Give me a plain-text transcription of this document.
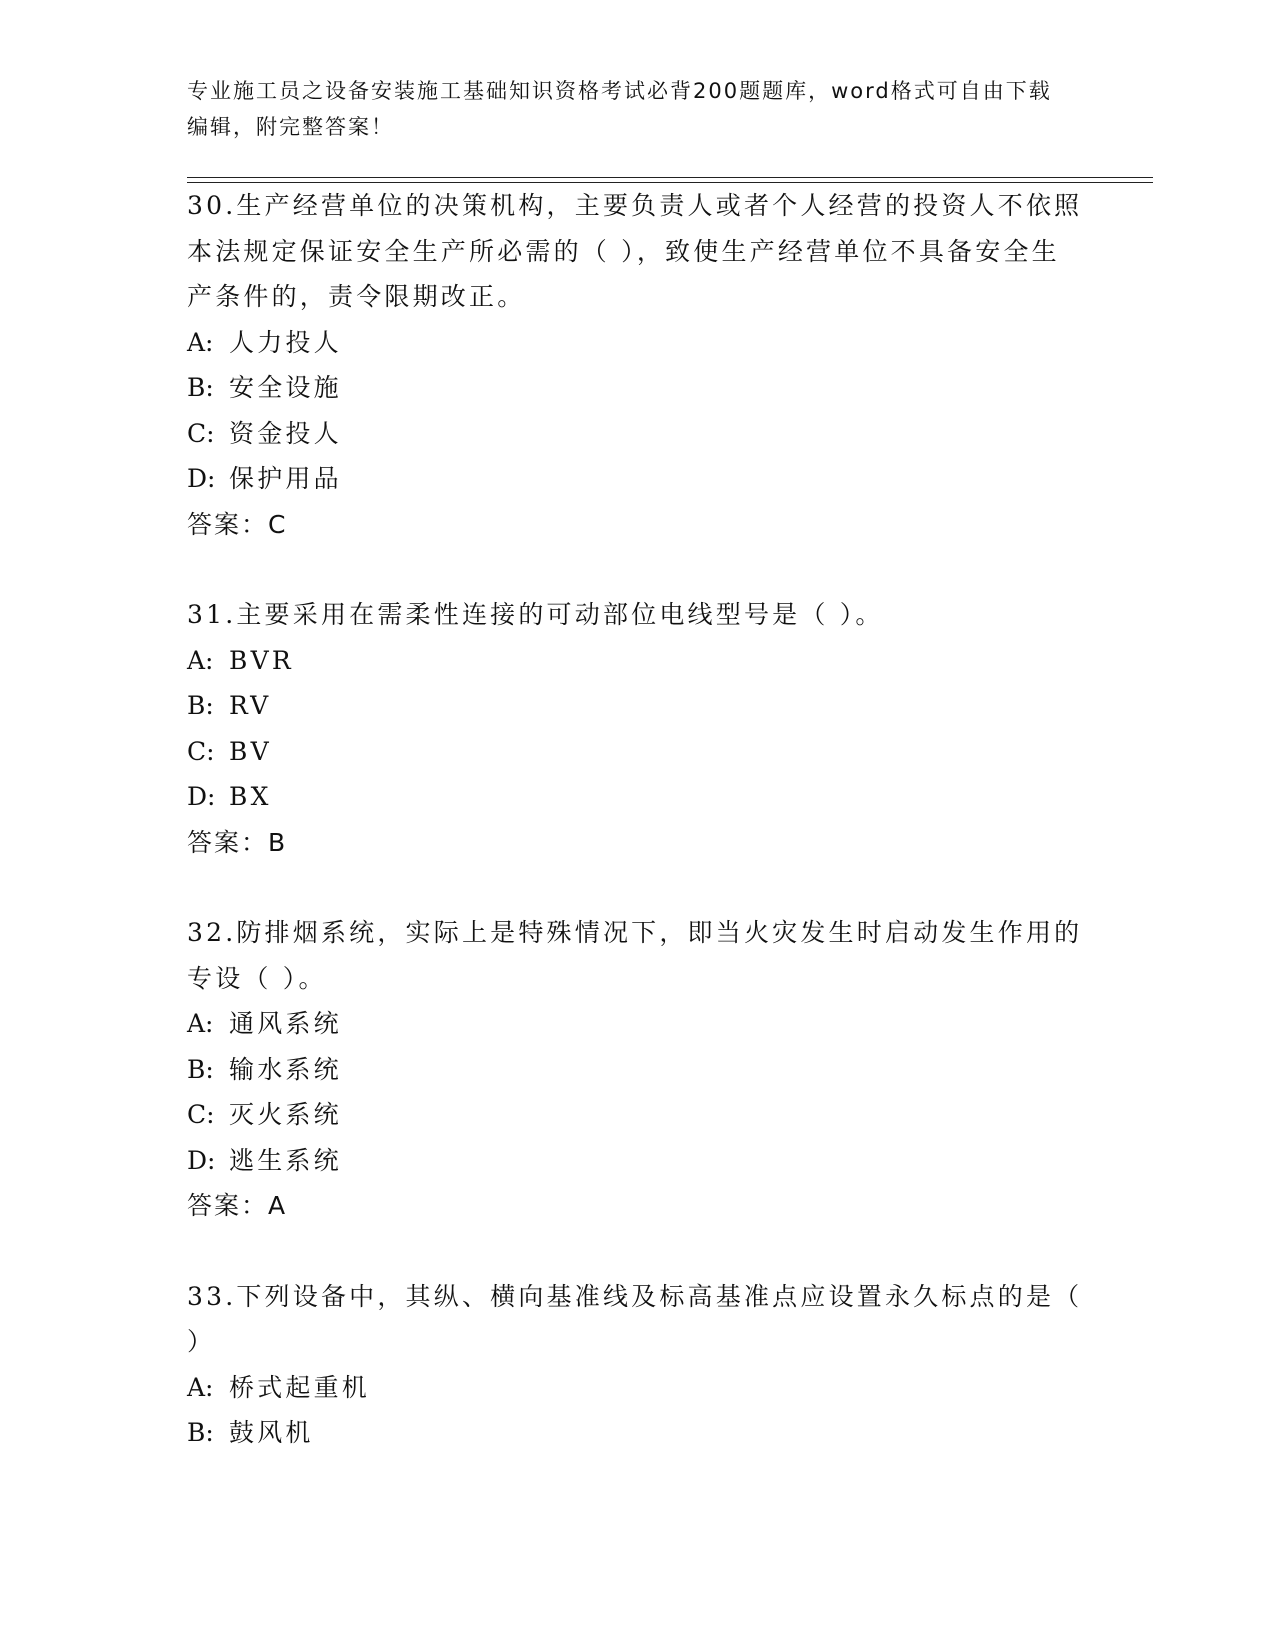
专业施工员之设备安装施工基础知识资格考试必背200题题库，word格式可自由下载编辑，附完整答案！
30.生产经营单位的决策机构，主要负责人或者个人经营的投资人不依照本法规定保证安全生产所必需的（ ），致使生产经营单位不具备安全生产条件的，责令限期改正。
A: 人力投人
B: 安全设施
C: 资金投人
D: 保护用品
答案：C
31.主要采用在需柔性连接的可动部位电线型号是（ ）。
A: BVR
B: RV
C: BV
D: BX
答案：B
32.防排烟系统，实际上是特殊情况下，即当火灾发生时启动发生作用的专设（ ）。
A: 通风系统
B: 输水系统
C: 灭火系统
D: 逃生系统
答案：A
33.下列设备中，其纵、横向基准线及标高基准点应设置永久标点的是（ ）
A: 桥式起重机
B: 鼓风机
